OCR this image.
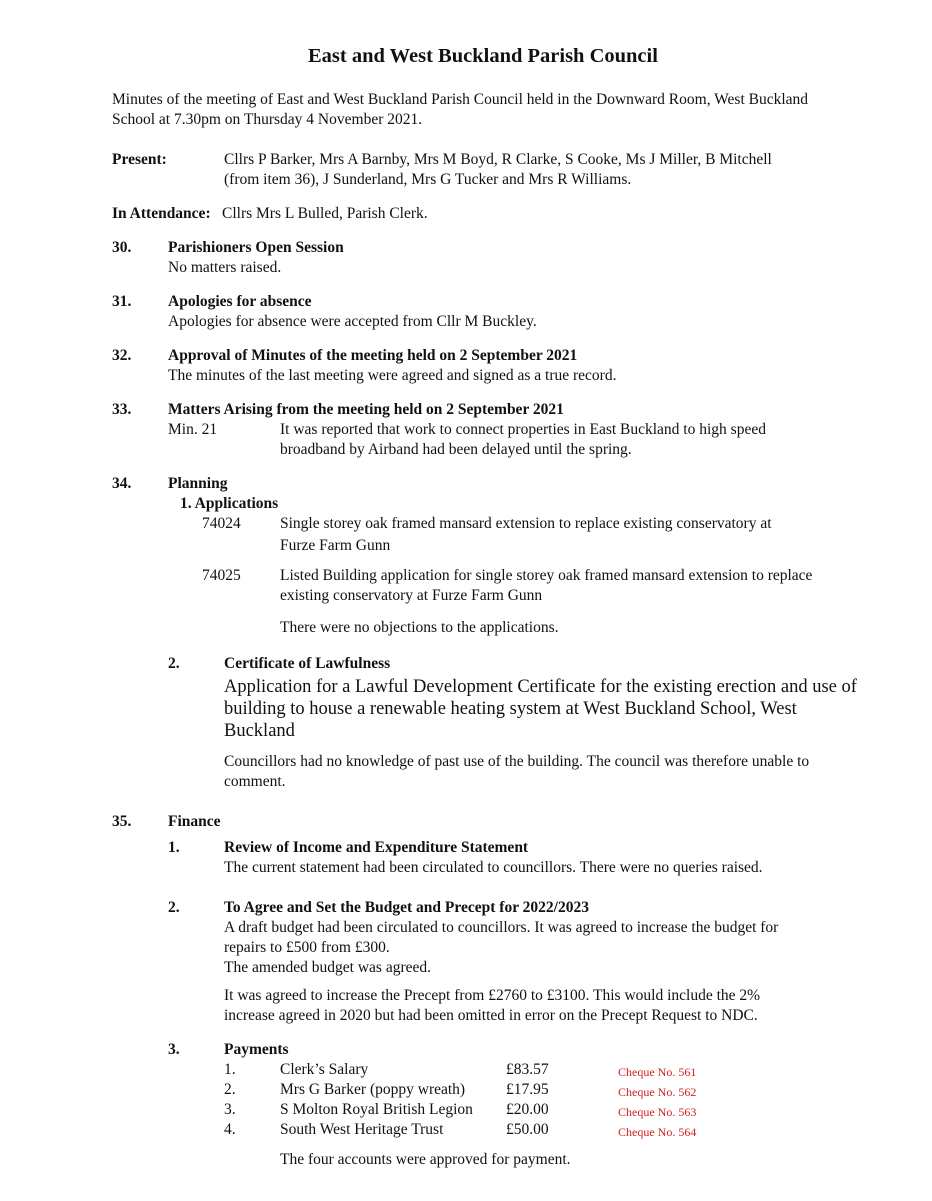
East and West Buckland Parish Council
Minutes of the meeting of East and West Buckland Parish Council held in the Downward Room, West Buckland
School at 7.30pm on Thursday 4 November 2021.
Present:	Cllrs P Barker, Mrs A Barnby, Mrs M Boyd, R Clarke, S Cooke, Ms J Miller, B Mitchell
(from item 36), J Sunderland, Mrs G Tucker and Mrs R Williams.
In Attendance: Cllrs Mrs L Bulled, Parish Clerk.
30. Parishioners Open Session
No matters raised.
31. Apologies for absence
Apologies for absence were accepted from Cllr M Buckley.
32. Approval of Minutes of the meeting held on 2 September 2021
The minutes of the last meeting were agreed and signed as a true record.
33. Matters Arising from the meeting held on 2 September 2021
Min. 21	It was reported that work to connect properties in East Buckland to high speed
broadband by Airband had been delayed until the spring.
34. Planning
1. Applications
74024	Single storey oak framed mansard extension to replace existing conservatory at
Furze Farm Gunn
74025	Listed Building application for single storey oak framed mansard extension to replace
existing conservatory at Furze Farm Gunn
There were no objections to the applications.
2.	Certificate of Lawfulness
Application for a Lawful Development Certificate for the existing erection and use of
building to house a renewable heating system at West Buckland School, West
Buckland
Councillors had no knowledge of past use of the building. The council was therefore unable to
comment.
35. Finance
1.	Review of Income and Expenditure Statement
The current statement had been circulated to councillors. There were no queries raised.
2.	To Agree and Set the Budget and Precept for 2022/2023
A draft budget had been circulated to councillors. It was agreed to increase the budget for
repairs to £500 from £300.
The amended budget was agreed.
It was agreed to increase the Precept from £2760 to £3100. This would include the 2%
increase agreed in 2020 but had been omitted in error on the Precept Request to NDC.
3.	Payments
1.	Clerk’s Salary	£83.57	Cheque No. 561
2.	Mrs G Barker (poppy wreath)	£17.95	Cheque No. 562
3.	S Molton Royal British Legion £20.00	Cheque No. 563
4.	South West Heritage Trust	£50.00	Cheque No. 564
The four accounts were approved for payment.
